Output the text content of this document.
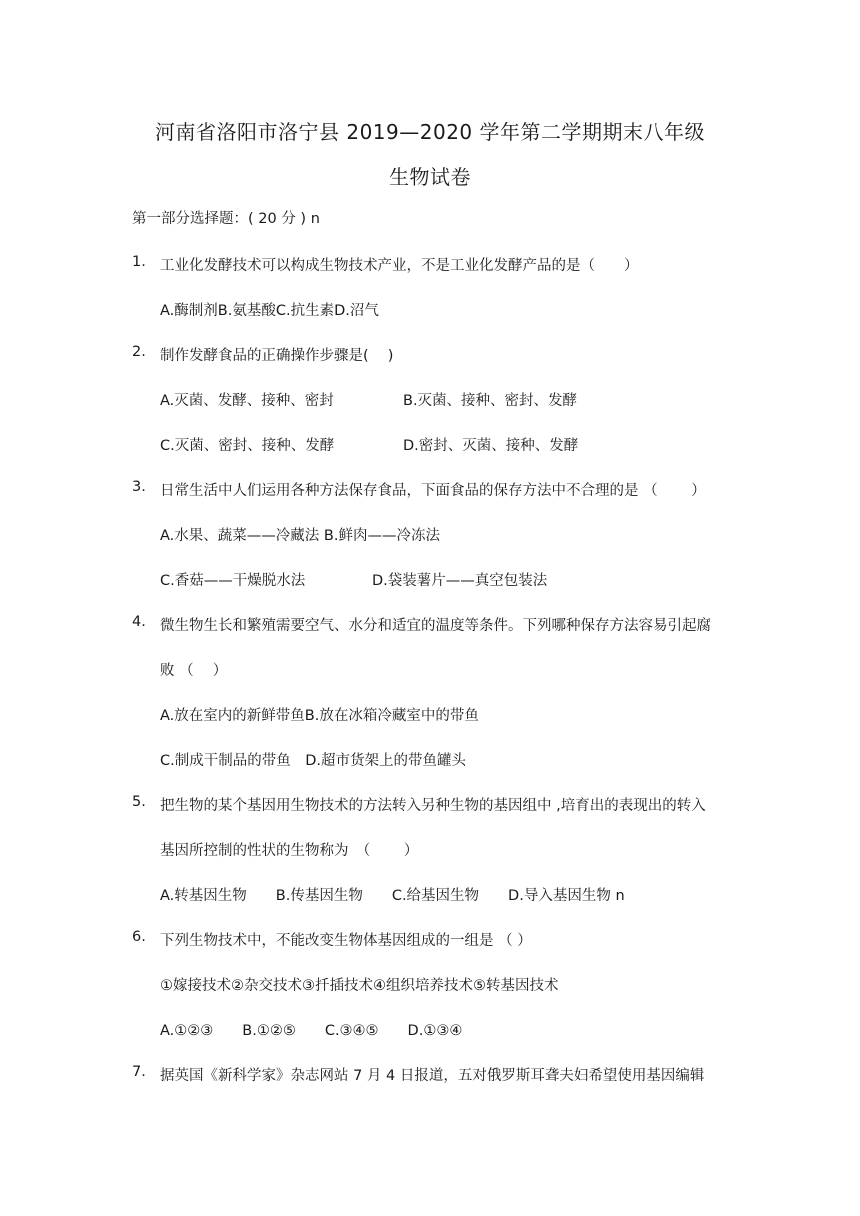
河南省洛阳市洛宁县 2019—2020 学年第二学期期末八年级
生物试卷
第一部分选择题：( 20 分 ) n
1. 工业化发酵技术可以构成生物技术产业，不是工业化发酵产品的是（　　）
A.酶制剂B.氨基酸C.抗生素D.沼气
2. 制作发酵食品的正确操作步骤是(　 )
A.灭菌、发酵、接种、密封	B.灭菌、接种、密封、发酵
C.灭菌、密封、接种、发酵	D.密封、灭菌、接种、发酵
3. 日常生活中人们运用各种方法保存食品，下面食品的保存方法中不合理的是 （　　 ）
A.水果、蔬菜——冷藏法 B.鲜肉——冷冻法
C.香菇——干燥脱水法	D.袋装薯片——真空包装法
4. 微生物生长和繁殖需要空气、水分和适宜的温度等条件。下列哪种保存方法容易引起腐
败 （　 ）
A.放在室内的新鲜带鱼B.放在冰箱冷藏室中的带鱼
C.制成干制品的带鱼　D.超市货架上的带鱼罐头
5. 把生物的某个基因用生物技术的方法转入另种生物的基因组中 ,培育出的表现出的转入
基因所控制的性状的生物称为　（　　 ）
A.转基因生物　　B.传基因生物　　C.给基因生物　　D.导入基因生物 n
6. 下列生物技术中，不能改变生物体基因组成的一组是 （ ）
①嫁接技术②杂交技术③扦插技术④组织培养技术⑤转基因技术
A.①②③　　B.①②⑤　　C.③④⑤　　D.①③④
7. 据英国《新科学家》杂志网站 7 月 4 日报道，五对俄罗斯耳聋夫妇希望使用基因编辑
